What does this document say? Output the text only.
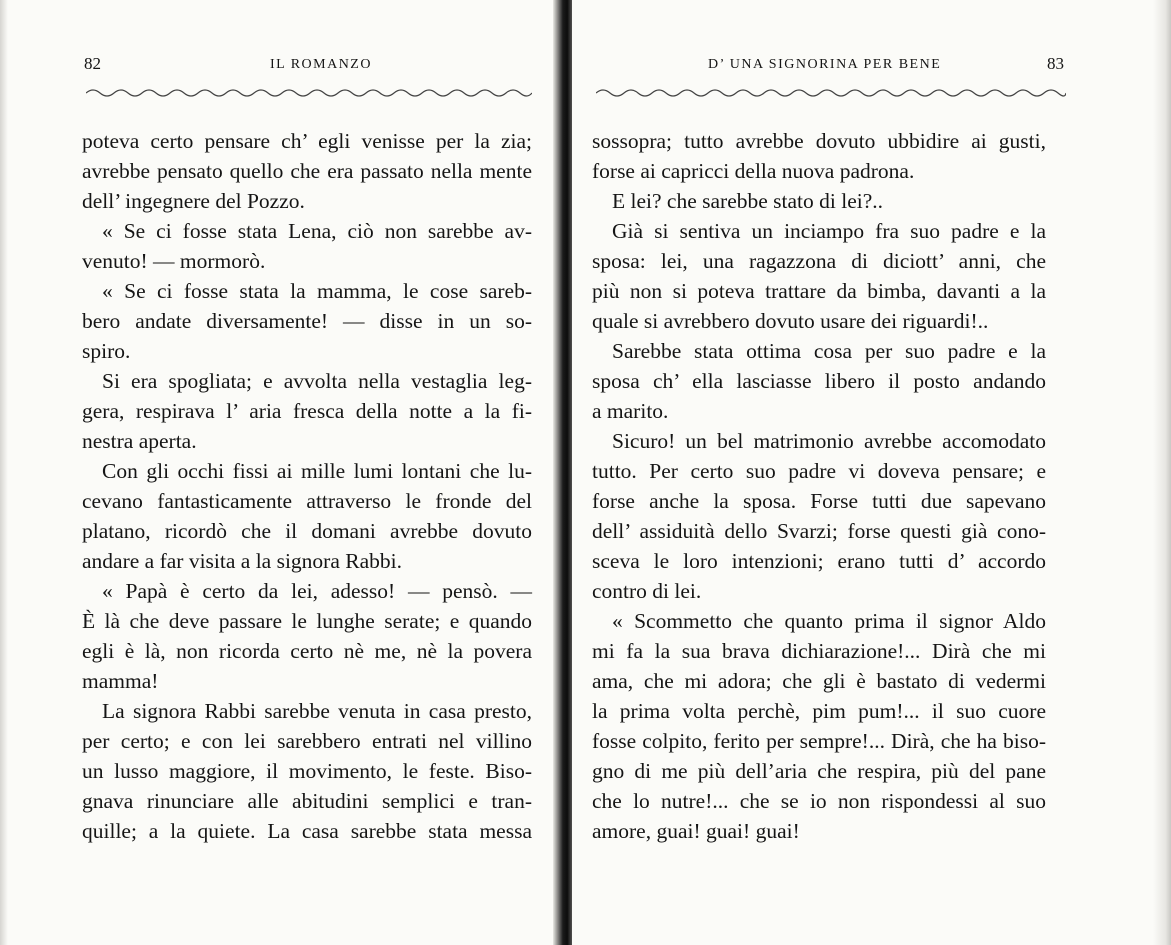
82	IL ROMANZO
poteva certo pensare ch’ egli venisse per la zia;
avrebbe pensato quello che era passato nella mente
dell’ ingegnere del Pozzo.
« Se ci fosse stata Lena, ciò non sarebbe av-
venuto! — mormorò.
« Se ci fosse stata la mamma, le cose sareb-
bero andate diversamente! — disse in un so-
spiro.
Si era spogliata; e avvolta nella vestaglia leg-
gera, respirava l’ aria fresca della notte a la fi-
nestra aperta.
Con gli occhi fissi ai mille lumi lontani che lu-
cevano fantasticamente attraverso le fronde del
platano, ricordò che il domani avrebbe dovuto
andare a far visita a la signora Rabbi.
« Papà è certo da lei, adesso! — pensò. —
È là che deve passare le lunghe serate; e quando
egli è là, non ricorda certo nè me, nè la povera
mamma!
La signora Rabbi sarebbe venuta in casa presto,
per certo; e con lei sarebbero entrati nel villino
un lusso maggiore, il movimento, le feste. Biso-
gnava rinunciare alle abitudini semplici e tran-
quille; a la quiete. La casa sarebbe stata messa
D’ UNA SIGNORINA PER BENE	83
sossopra; tutto avrebbe dovuto ubbidire ai gusti,
forse ai capricci della nuova padrona.
E lei? che sarebbe stato di lei?..
Già si sentiva un inciampo fra suo padre e la
sposa: lei, una ragazzona di diciott’ anni, che
più non si poteva trattare da bimba, davanti a la
quale si avrebbero dovuto usare dei riguardi!..
Sarebbe stata ottima cosa per suo padre e la
sposa ch’ ella lasciasse libero il posto andando
a marito.
Sicuro! un bel matrimonio avrebbe accomodato
tutto. Per certo suo padre vi doveva pensare; e
forse anche la sposa. Forse tutti due sapevano
dell’ assiduità dello Svarzi; forse questi già cono-
sceva le loro intenzioni; erano tutti d’ accordo
contro di lei.
« Scommetto che quanto prima il signor Aldo
mi fa la sua brava dichiarazione!... Dirà che mi
ama, che mi adora; che gli è bastato di vedermi
la prima volta perchè, pim pum!... il suo cuore
fosse colpito, ferito per sempre!... Dirà, che ha biso-
gno di me più dell’aria che respira, più del pane
che lo nutre!... che se io non rispondessi al suo
amore, guai! guai! guai!
